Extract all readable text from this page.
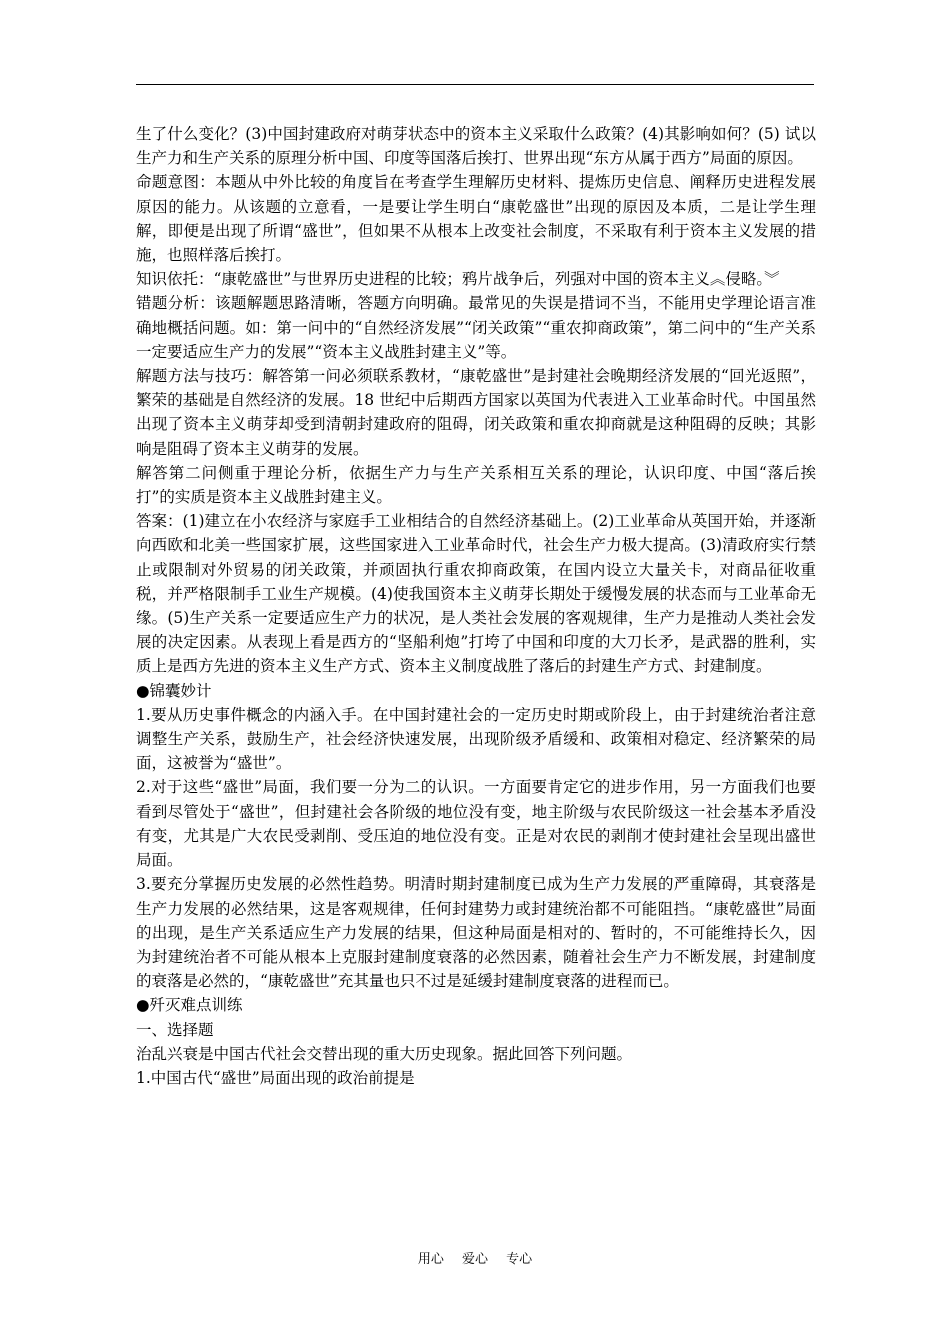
生了什么变化？(3)中国封建政府对萌芽状态中的资本主义采取什么政策？(4)其影响如何？(5) 试以生产力和生产关系的原理分析中国、印度等国落后挨打、世界出现“东方从属于西方”局面的原因。

命题意图：本题从中外比较的角度旨在考查学生理解历史材料、提炼历史信息、阐释历史进程发展原因的能力。从该题的立意看，一是要让学生明白“康乾盛世”出现的原因及本质，二是让学生理解，即便是出现了所谓“盛世”，但如果不从根本上改变社会制度，不采取有利于资本主义发展的措施，也照样落后挨打。

知识依托：“康乾盛世”与世界历史进程的比较；鸦片战争后，列强对中国的资本主义︽侵略。︾

错题分析：该题解题思路清晰，答题方向明确。最常见的失误是措词不当，不能用史学理论语言准确地概括问题。如：第一问中的“自然经济发展”“闭关政策”“重农抑商政策”，第二问中的“生产关系一定要适应生产力的发展”“资本主义战胜封建主义”等。

解题方法与技巧：解答第一问必须联系教材，“康乾盛世”是封建社会晚期经济发展的“回光返照”，繁荣的基础是自然经济的发展。18 世纪中后期西方国家以英国为代表进入工业革命时代。中国虽然出现了资本主义萌芽却受到清朝封建政府的阻碍，闭关政策和重农抑商就是这种阻碍的反映；其影响是阻碍了资本主义萌芽的发展。

解答第二问侧重于理论分析，依据生产力与生产关系相互关系的理论，认识印度、中国“落后挨打”的实质是资本主义战胜封建主义。

答案：(1)建立在小农经济与家庭手工业相结合的自然经济基础上。(2)工业革命从英国开始，并逐渐向西欧和北美一些国家扩展，这些国家进入工业革命时代，社会生产力极大提高。(3)清政府实行禁止或限制对外贸易的闭关政策，并顽固执行重农抑商政策，在国内设立大量关卡，对商品征收重税，并严格限制手工业生产规模。(4)使我国资本主义萌芽长期处于缓慢发展的状态而与工业革命无缘。(5)生产关系一定要适应生产力的状况，是人类社会发展的客观规律，生产力是推动人类社会发展的决定因素。从表现上看是西方的“坚船利炮”打垮了中国和印度的大刀长矛，是武器的胜利，实质上是西方先进的资本主义生产方式、资本主义制度战胜了落后的封建生产方式、封建制度。

●锦囊妙计

1.要从历史事件概念的内涵入手。在中国封建社会的一定历史时期或阶段上，由于封建统治者注意调整生产关系，鼓励生产，社会经济快速发展，出现阶级矛盾缓和、政策相对稳定、经济繁荣的局面，这被誉为“盛世”。

2.对于这些“盛世”局面，我们要一分为二的认识。一方面要肯定它的进步作用，另一方面我们也要看到尽管处于“盛世”，但封建社会各阶级的地位没有变，地主阶级与农民阶级这一社会基本矛盾没有变，尤其是广大农民受剥削、受压迫的地位没有变。正是对农民的剥削才使封建社会呈现出盛世局面。

3.要充分掌握历史发展的必然性趋势。明清时期封建制度已成为生产力发展的严重障碍，其衰落是生产力发展的必然结果，这是客观规律，任何封建势力或封建统治都不可能阻挡。“康乾盛世”局面的出现，是生产关系适应生产力发展的结果，但这种局面是相对的、暂时的，不可能维持长久，因为封建统治者不可能从根本上克服封建制度衰落的必然因素，随着社会生产力不断发展，封建制度的衰落是必然的，“康乾盛世”充其量也只不过是延缓封建制度衰落的进程而已。

●歼灭难点训练

一、选择题

治乱兴衰是中国古代社会交替出现的重大历史现象。据此回答下列问题。

1.中国古代“盛世”局面出现的政治前提是

用心 爱心 专心
